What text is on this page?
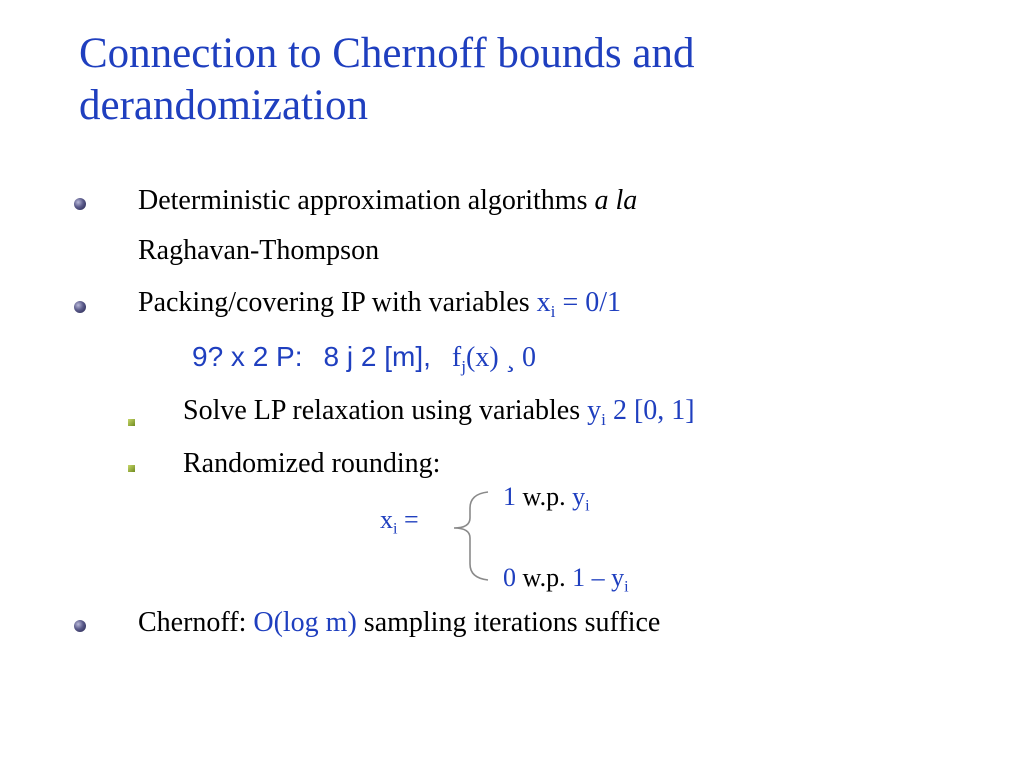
Connection to Chernoff bounds and derandomization
Deterministic approximation algorithms a la
Raghavan-Thompson
Packing/covering IP with variables $x_i = 0/1$
9? x 2 P: 8 j 2 [m], $f_j(x)$ ¸ 0
Solve LP relaxation using variables $y_i$ 2 [0, 1]
Randomized rounding:
$x_i$ =
1 w.p. $y_i$
0 w.p. $1 - y_i$
Chernoff: O(log m) sampling iterations suffice
